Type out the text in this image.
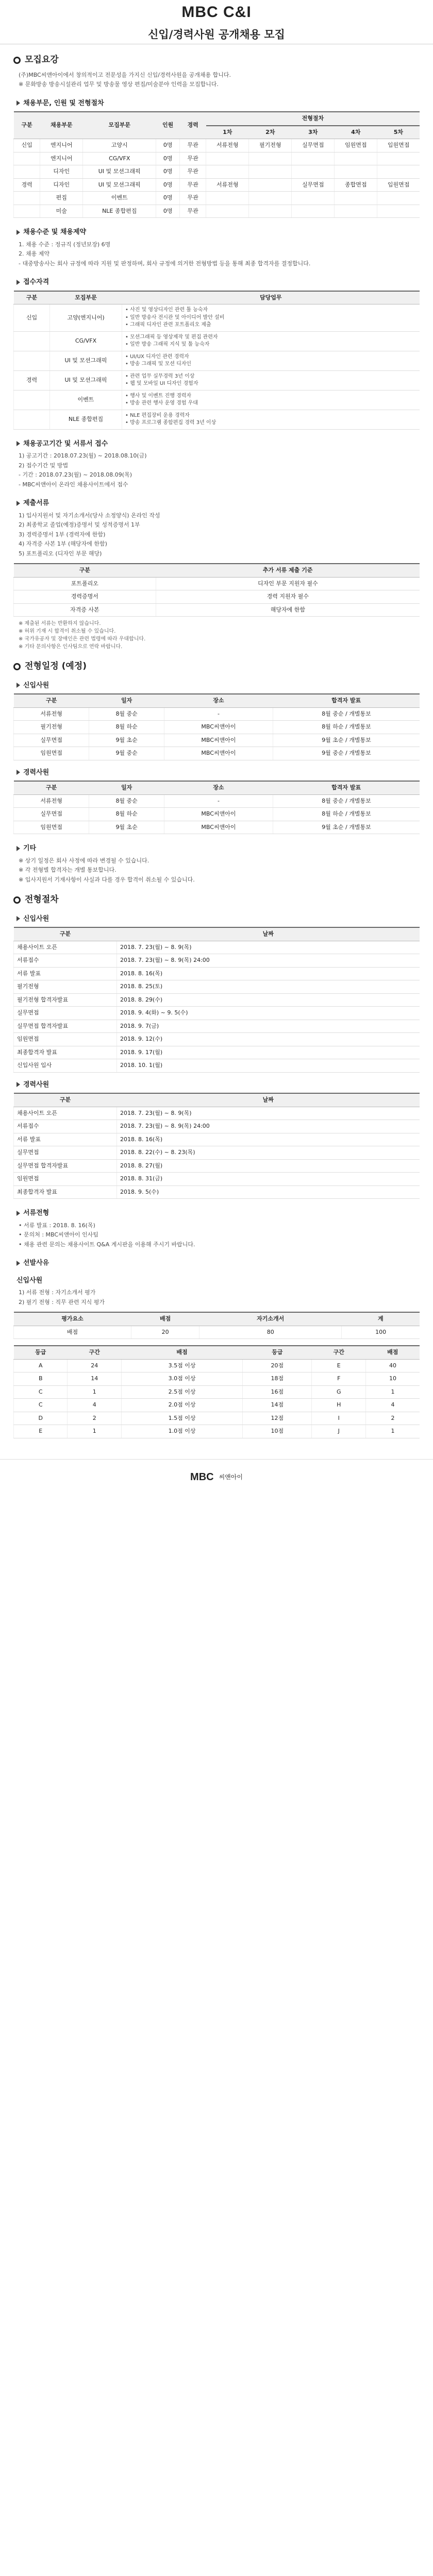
MBC C&I
신입/경력사원 공개채용 모집
모집요강

(주)MBC씨앤아이에서 창의적이고 전문성을 가지신 신입/경력사원을 공개채용 합니다.

※ 문화방송 방송시설관리 업무 및 방송물 영상 편집/미술분야 인력을 모집합니다.

채용부문, 인원 및 전형절차
구분	채용부문	모집부문	인원	경력	전형절차				
					1차	2차	3차	4차	5차
신입	엔지니어	고양시	0명	무관	서류전형	필기전형	실무면접	임원면접	입원면접
	엔지니어	CG/VFX	0명	무관					
	디자인	UI 및 모션그래픽	0명	무관					
경력	디자인	UI 및 모션그래픽	0명	무관	서류전형		실무면접	종합면접	입원면접
	편집	이벤트	0명	무관					
	미술	NLE 종합편집	0명	무관					
채용수준 및 채용제약

1. 채용 수준 : 정규직 (정년보장) 6명

2. 채용 제약

- 대중방송사는 회사 규정에 따라 지원 및 판정하며, 회사 규정에 의거한 전형방법 등을 통해 최종 합격자를 결정합니다.

접수자격
구분	모집부문	담당업무
신입	고양(엔지니어)	• 사진 및 영상디자인 관련 툴 능숙자
• 일반 방송사 전시관 및 아이디어 발안 설비
• 그래픽 디자인 관련 포트폴리오 제출

	CG/VFX	• 모션그래픽 등 영상제작 및 편집 관련자
• 일반 방송 그래픽 지식 및 툴 능숙자

	UI 및 모션그래픽	• UI/UX 디자인 관련 경력자
• 방송 그래픽 및 모션 디자인

경력	UI 및 모션그래픽	• 관련 업무 실무경력 3년 이상
• 웹 및 모바일 UI 디자인 경험자

	이벤트	• 행사 및 이벤트 진행 경력자
• 방송 관련 행사 운영 경험 우대

	NLE 종합편집	• NLE 편집장비 운용 경력자
• 방송 프로그램 종합편집 경력 3년 이상
채용공고기간 및 서류서 접수

1) 공고기간 : 2018.07.23(월) ~ 2018.08.10(금)

2) 접수기간 및 방법

- 기간 : 2018.07.23(월) ~ 2018.08.09(목)

- MBC씨앤아이 온라인 채용사이트에서 접수

제출서류

1) 입사지원서 및 자기소개서(당사 소정양식) 온라인 작성

2) 최종학교 졸업(예정)증명서 및 성적증명서 1부

3) 경력증명서 1부 (경력자에 한함)

4) 자격증 사본 1부 (해당자에 한함)

5) 포트폴리오 (디자인 부문 해당)

구분	추가 서류 제출 기준
포트폴리오	디자인 부문 지원자 필수
경력증명서	경력 지원자 필수
자격증 사본	해당자에 한함

※ 제출된 서류는 반환하지 않습니다.

※ 허위 기재 시 합격이 취소될 수 있습니다.

※ 국가유공자 및 장애인은 관련 법령에 따라 우대합니다.

※ 기타 문의사항은 인사팀으로 연락 바랍니다.

전형일정 (예정)
신입사원
구분	일자	장소	합격자 발표
서류전형	8월 중순	-	8월 중순 / 개별통보
필기전형	8월 하순	MBC씨앤아이	8월 하순 / 개별통보
실무면접	9월 초순	MBC씨앤아이	9월 초순 / 개별통보
임원면접	9월 중순	MBC씨앤아이	9월 중순 / 개별통보
경력사원
구분	일자	장소	합격자 발표
서류전형	8월 중순	-	8월 중순 / 개별통보
실무면접	8월 하순	MBC씨앤아이	8월 하순 / 개별통보
임원면접	9월 초순	MBC씨앤아이	9월 초순 / 개별통보
기타

※ 상기 일정은 회사 사정에 따라 변경될 수 있습니다.

※ 각 전형별 합격자는 개별 통보합니다.

※ 입사지원서 기재사항이 사실과 다를 경우 합격이 취소될 수 있습니다.

전형절차
신입사원
구분	날짜
채용사이트 오픈	2018. 7. 23(월) ~ 8. 9(목)
서류접수	2018. 7. 23(월) ~ 8. 9(목) 24:00
서류 발표	2018. 8. 16(목)
필기전형	2018. 8. 25(토)
필기전형 합격자발표	2018. 8. 29(수)
실무면접	2018. 9. 4(화) ~ 9. 5(수)
실무면접 합격자발표	2018. 9. 7(금)
임원면접	2018. 9. 12(수)
최종합격자 발표	2018. 9. 17(월)
신입사원 입사	2018. 10. 1(월)
경력사원
구분	날짜
채용사이트 오픈	2018. 7. 23(월) ~ 8. 9(목)
서류접수	2018. 7. 23(월) ~ 8. 9(목) 24:00
서류 발표	2018. 8. 16(목)
실무면접	2018. 8. 22(수) ~ 8. 23(목)
실무면접 합격자발표	2018. 8. 27(월)
임원면접	2018. 8. 31(금)
최종합격자 발표	2018. 9. 5(수)
서류전형

• 서류 발표 : 2018. 8. 16(목)

• 문의처 : MBC씨앤아이 인사팀

• 채용 관련 문의는 채용사이트 Q&A 게시판을 이용해 주시기 바랍니다.

선발사유
신입사원

1) 서류 전형 : 자기소개서 평가

2) 필기 전형 : 직무 관련 지식 평가

평가요소	배점	자기소개서	계
배점	20	80	100
등급	구간	배점	등급	구간	배점
A	24	3.5점 이상	20점	E	40
B	14	3.0점 이상	18점	F	10
C	1	2.5점 이상	16점	G	1
C	4	2.0점 이상	14점	H	4
D	2	1.5점 이상	12점	I	2
E	1	1.0점 이상	10점	J	1
MBC 씨앤아이
